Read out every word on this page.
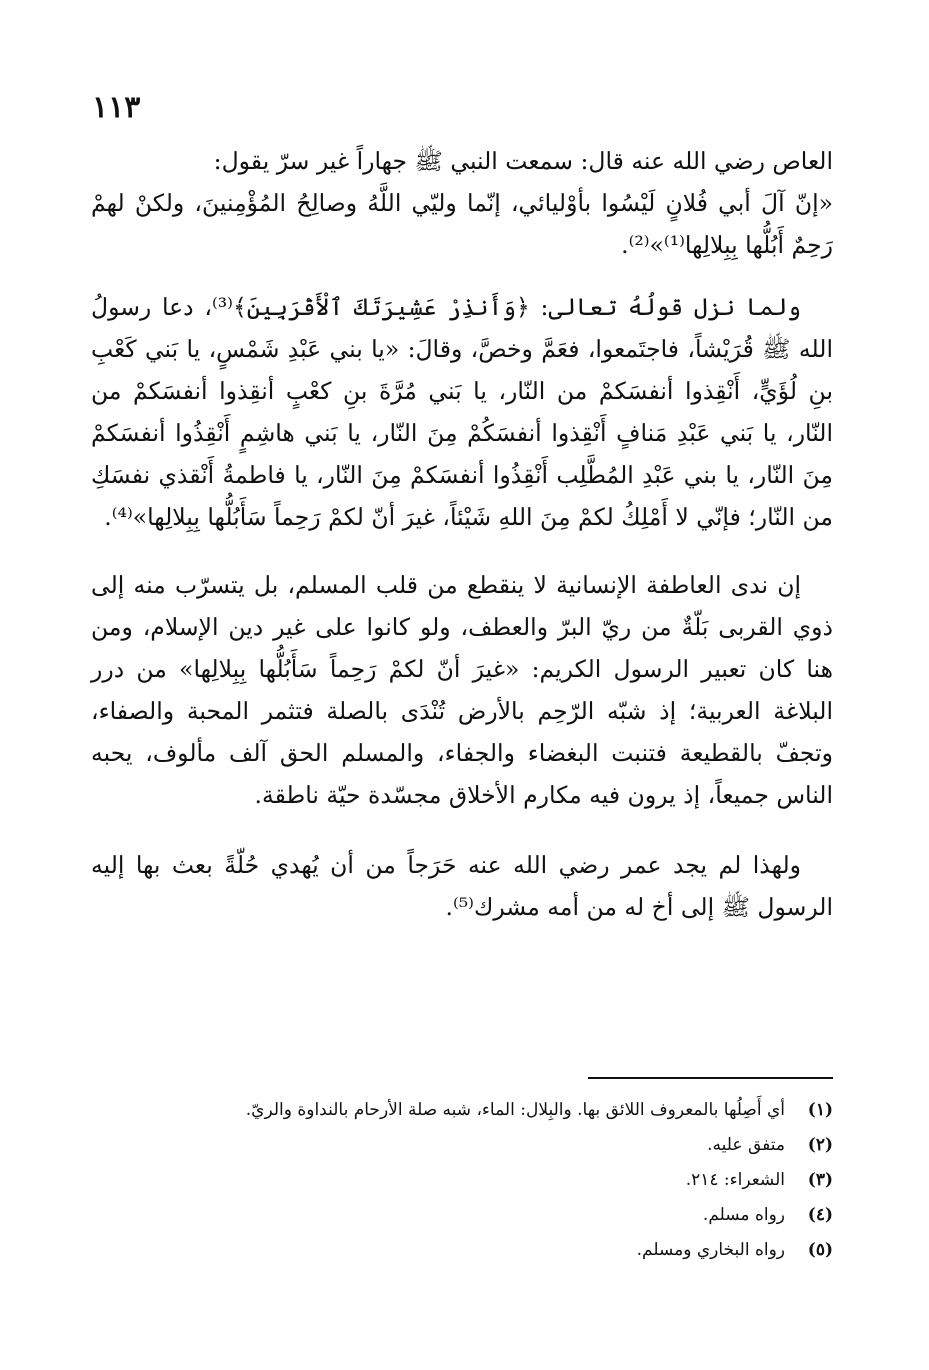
١١٣

العاص رضي الله عنه قال: سمعت النبي ﷺ جهاراً غير سرّ يقول:

«إنّ آلَ أبي فُلانٍ لَيْسُوا بأوْليائي، إنّما وليّي اللَّهُ وصالِحُ المُؤْمِنينَ، ولكنْ لهمْ رَحِمٌ أَبُلُّها بِبِلالِها⁽¹⁾»⁽²⁾.

ولما نزل قولُهُ تعالى: ﴿وَأَنذِرْ عَشِيرَتَكَ ٱلْأَقْرَبِينَ﴾⁽³⁾، دعا رسولُ الله ﷺ قُرَيْشاً، فاجتَمعوا، فعَمَّ وخصَّ، وقالَ: «يا بني عَبْدِ شَمْسٍ، يا بَني كَعْبِ بنِ لُؤَيٍّ، أَنْقِذوا أنفسَكمْ من النّار، يا بَني مُرَّةَ بنِ كعْبٍ أنقِذوا أنفسَكمْ من النّار، يا بَني عَبْدِ مَنافٍ أَنْقِذوا أنفسَكُمْ مِنَ النّار، يا بَني هاشِمٍ أَنْقِذُوا أنفسَكمْ مِنَ النّار، يا بني عَبْدِ المُطَّلِب أَنْقِذُوا أنفسَكمْ مِنَ النّار، يا فاطمةُ أَنْقذي نفسَكِ من النّار؛ فإنّي لا أَمْلِكُ لكمْ مِنَ اللهِ شَيْئاً، غيرَ أنّ لكمْ رَحِماً سَأَبُلُّها بِبِلالِها»⁽⁴⁾.

إن ندى العاطفة الإنسانية لا ينقطع من قلب المسلم، بل يتسرّب منه إلى ذوي القربى بَلّةٌ من ريّ البرّ والعطف، ولو كانوا على غير دين الإسلام، ومن هنا كان تعبير الرسول الكريم: «غيرَ أنّ لكمْ رَحِماً سَأَبُلُّها بِبِلالِها» من درر البلاغة العربية؛ إذ شبّه الرّحِم بالأرض تُنْدَى بالصلة فتثمر المحبة والصفاء، وتجفّ بالقطيعة فتنبت البغضاء والجفاء، والمسلم الحق آلف مألوف، يحبه الناس جميعاً، إذ يرون فيه مكارم الأخلاق مجسّدة حيّة ناطقة.

ولهذا لم يجد عمر رضي الله عنه حَرَجاً من أن يُهدي حُلّةً بعث بها إليه الرسول ﷺ إلى أخ له من أمه مشرك⁽⁵⁾.

(١)
أي أَصِلُها بالمعروف اللائق بها. والبِلال: الماء، شبه صلة الأرحام بالنداوة والريّ.
(٢)
متفق عليه.
(٣)
الشعراء: ٢١٤.
(٤)
رواه مسلم.
(٥)
رواه البخاري ومسلم.
